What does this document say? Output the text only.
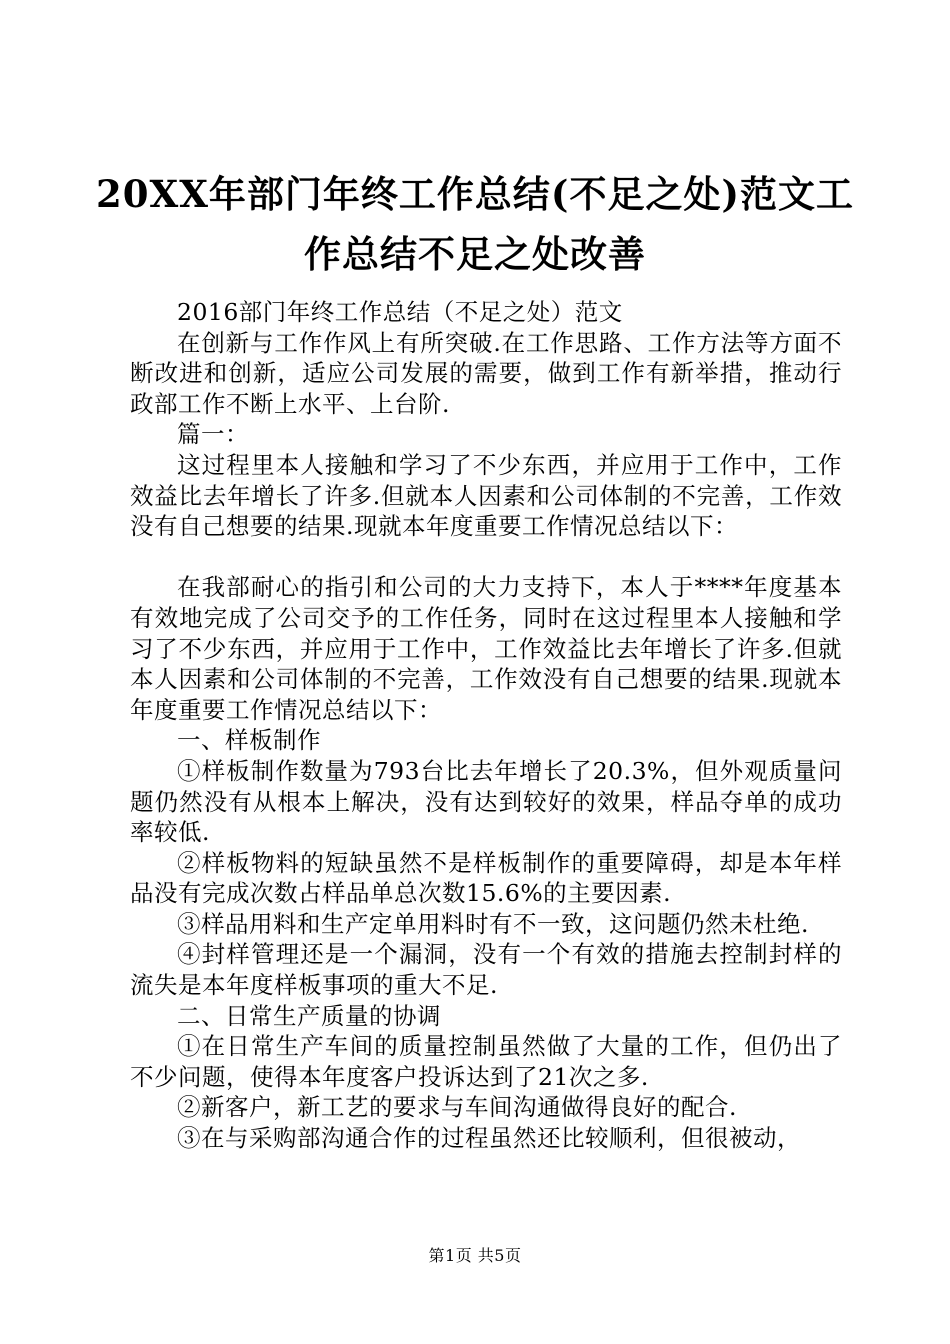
20XX年部门年终工作总结(不足之处)范文工
作总结不足之处改善

2016部门年终工作总结（不足之处）范文

在创新与工作作风上有所突破.在工作思路、工作方法等方面不断改进和创新，适应公司发展的需要，做到工作有新举措，推动行政部工作不断上水平、上台阶.

篇一：

这过程里本人接触和学习了不少东西，并应用于工作中，工作效益比去年增长了许多.但就本人因素和公司体制的不完善，工作效没有自己想要的结果.现就本年度重要工作情况总结以下：

在我部耐心的指引和公司的大力支持下，本人于****年度基本有效地完成了公司交予的工作任务，同时在这过程里本人接触和学习了不少东西，并应用于工作中，工作效益比去年增长了许多.但就本人因素和公司体制的不完善，工作效没有自己想要的结果.现就本年度重要工作情况总结以下：

一、样板制作

①样板制作数量为793台比去年增长了20.3%，但外观质量问题仍然没有从根本上解决，没有达到较好的效果，样品夺单的成功率较低.

②样板物料的短缺虽然不是样板制作的重要障碍，却是本年样品没有完成次数占样品单总次数15.6%的主要因素.

③样品用料和生产定单用料时有不一致，这问题仍然未杜绝.

④封样管理还是一个漏洞，没有一个有效的措施去控制封样的流失是本年度样板事项的重大不足.

二、日常生产质量的协调

①在日常生产车间的质量控制虽然做了大量的工作，但仍出了不少问题，使得本年度客户投诉达到了21次之多.

②新客户，新工艺的要求与车间沟通做得良好的配合.

③在与采购部沟通合作的过程虽然还比较顺利，但很被动，

第1页 共5页
